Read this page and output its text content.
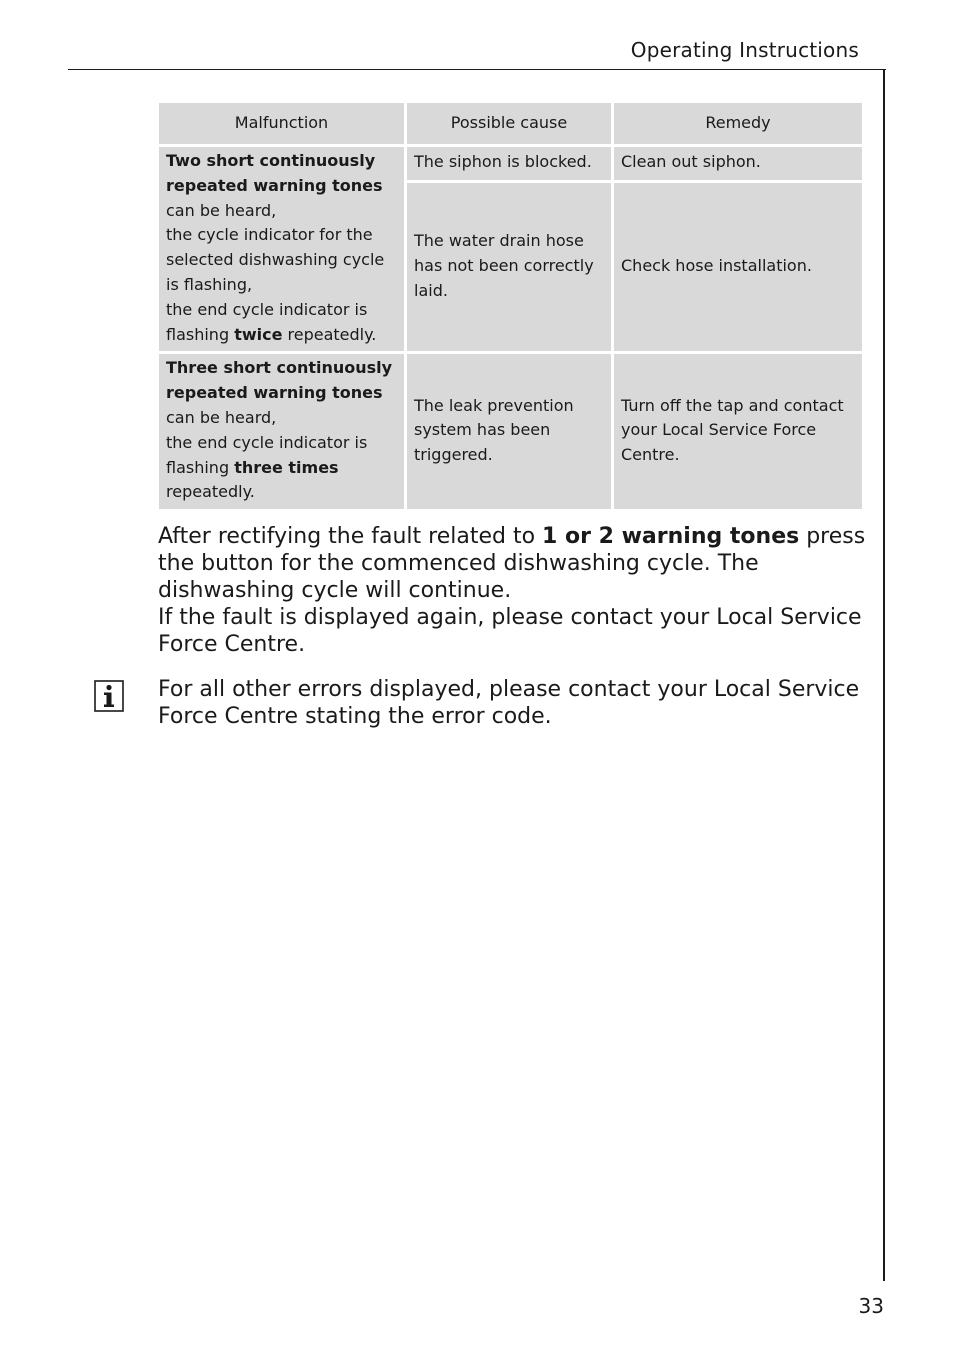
Operating Instructions
Malfunction	Possible cause	Remedy
Two short continuously repeated warning tones
can be heard,
the cycle indicator for the selected dishwashing cycle is flashing,
the end cycle indicator is flashing twice repeatedly.	The siphon is blocked.	Clean out siphon.
	The water drain hose has not been correctly laid.	Check hose installation.
Three short continuously repeated warning tones
can be heard,
the end cycle indicator is flashing three times repeatedly.	The leak prevention system has been triggered.	Turn off the tap and contact your Local Service Force Centre.

After rectifying the fault related to 1 or 2 warning tones press the button for the commenced dishwashing cycle. The dishwashing cycle will continue.
If the fault is displayed again, please contact your Local Service Force Centre.

For all other errors displayed, please contact your Local Service Force Centre stating the error code.

33
